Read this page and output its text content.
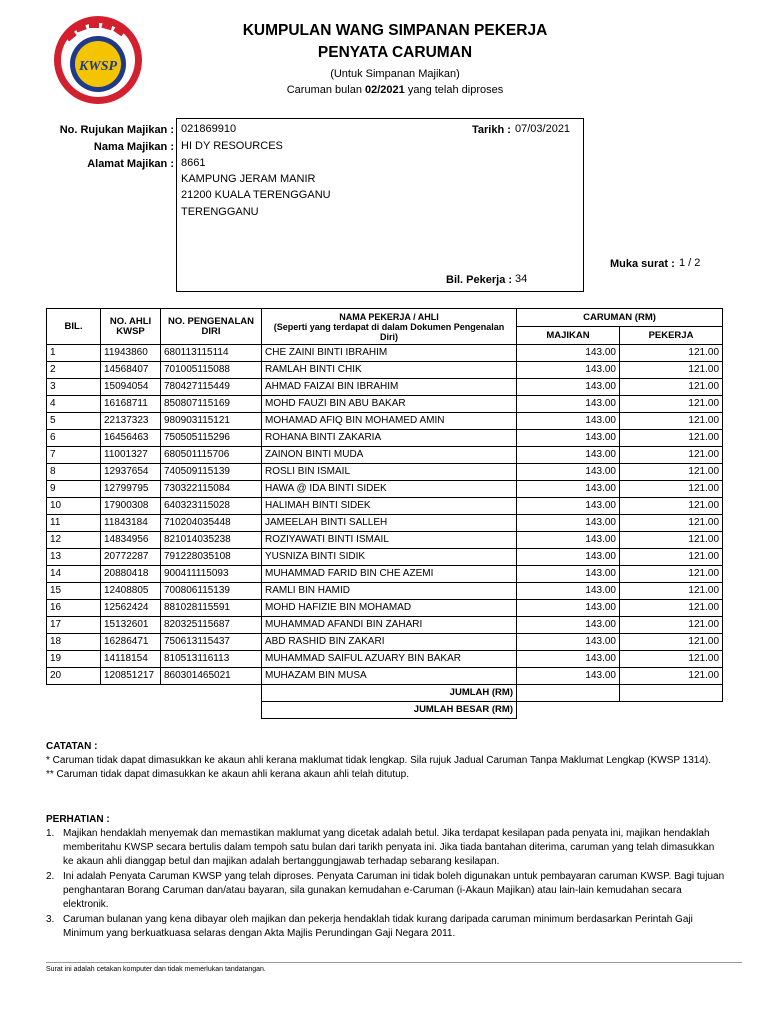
KWSP
KUMPULAN WANG SIMPANAN PEKERJA
PENYATA CARUMAN
(Untuk Simpanan Majikan)
Caruman bulan 02/2021 yang telah diproses
No. Rujukan Majikan : 021869910
Nama Majikan : HI DY RESOURCES
Alamat Majikan : 8661
KAMPUNG JERAM MANIR
21200 KUALA TERENGGANU
TERENGGANU
Tarikh : 07/03/2021
Muka surat : 1 / 2
Bil. Pekerja : 34
BIL.	NO. AHLI KWSP	NO. PENGENALAN DIRI	NAMA PEKERJA / AHLI
(Seperti yang terdapat di dalam Dokumen Pengenalan Diri)	CARUMAN (RM)	
				MAJIKAN	PEKERJA
1	11943860	680113115114	CHE ZAINI BINTI IBRAHIM	143.00	121.00
2	14568407	701005115088	RAMLAH BINTI CHIK	143.00	121.00
3	15094054	780427115449	AHMAD FAIZAI BIN IBRAHIM	143.00	121.00
4	16168711	850807115169	MOHD FAUZI BIN ABU BAKAR	143.00	121.00
5	22137323	980903115121	MOHAMAD AFIQ BIN MOHAMED AMIN	143.00	121.00
6	16456463	750505115296	ROHANA BINTI ZAKARIA	143.00	121.00
7	11001327	680501115706	ZAINON BINTI MUDA	143.00	121.00
8	12937654	740509115139	ROSLI BIN ISMAIL	143.00	121.00
9	12799795	730322115084	HAWA @ IDA BINTI SIDEK	143.00	121.00
10	17900308	640323115028	HALIMAH BINTI SIDEK	143.00	121.00
11	11843184	710204035448	JAMEELAH BINTI SALLEH	143.00	121.00
12	14834956	821014035238	ROZIYAWATI BINTI ISMAIL	143.00	121.00
13	20772287	791228035108	YUSNIZA BINTI SIDIK	143.00	121.00
14	20880418	900411115093	MUHAMMAD FARID BIN CHE AZEMI	143.00	121.00
15	12408805	700806115139	RAMLI BIN HAMID	143.00	121.00
16	12562424	881028115591	MOHD HAFIZIE BIN MOHAMAD	143.00	121.00
17	15132601	820325115687	MUHAMMAD AFANDI BIN ZAHARI	143.00	121.00
18	16286471	750613115437	ABD RASHID BIN ZAKARI	143.00	121.00
19	14118154	810513116113	MUHAMMAD SAIFUL AZUARY BIN BAKAR	143.00	121.00
20	120851217	860301465021	MUHAZAM BIN MUSA	143.00	121.00
			JUMLAH (RM)		
			JUMLAH BESAR (RM)		
CATATAN :
* Caruman tidak dapat dimasukkan ke akaun ahli kerana maklumat tidak lengkap. Sila rujuk Jadual Caruman Tanpa Maklumat Lengkap (KWSP 1314).
** Caruman tidak dapat dimasukkan ke akaun ahli kerana akaun ahli telah ditutup.
PERHATIAN :
1. Majikan hendaklah menyemak dan memastikan maklumat yang dicetak adalah betul. Jika terdapat kesilapan pada penyata ini, majikan hendaklah memberitahu KWSP secara bertulis dalam tempoh satu bulan dari tarikh penyata ini. Jika tiada bantahan diterima, caruman yang telah dimasukkan ke akaun ahli dianggap betul dan majikan adalah bertanggungjawab terhadap sebarang kesilapan.
2. Ini adalah Penyata Caruman KWSP yang telah diproses. Penyata Caruman ini tidak boleh digunakan untuk pembayaran caruman KWSP. Bagi tujuan penghantaran Borang Caruman dan/atau bayaran, sila gunakan kemudahan e-Caruman (i-Akaun Majikan) atau lain-lain kemudahan secara elektronik.
3. Caruman bulanan yang kena dibayar oleh majikan dan pekerja hendaklah tidak kurang daripada caruman minimum berdasarkan Perintah Gaji Minimum yang berkuatkuasa selaras dengan Akta Majlis Perundingan Gaji Negara 2011.
Surat ini adalah cetakan komputer dan tidak memerlukan tandatangan.
